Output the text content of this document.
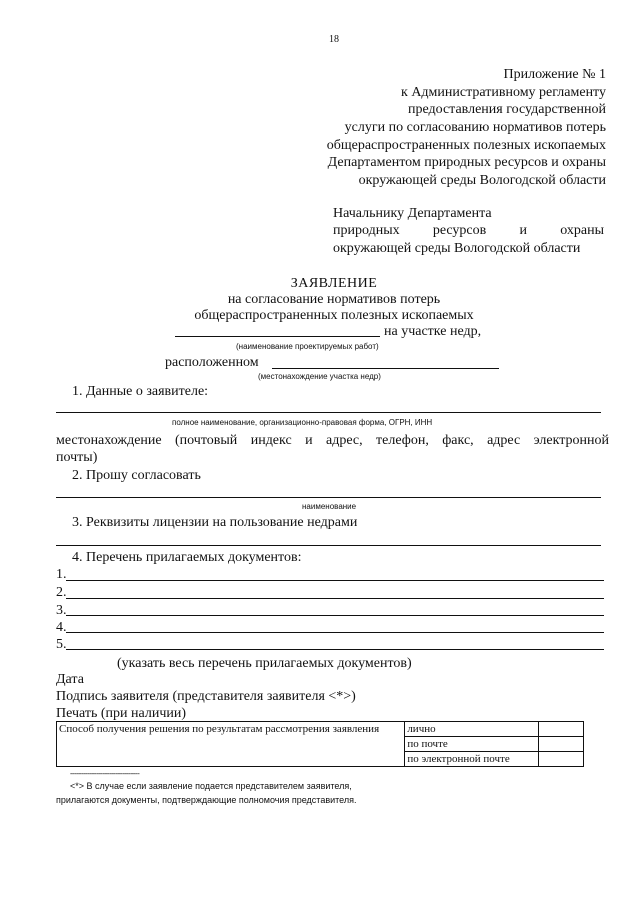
18
Приложение № 1
к Административному регламенту
предоставления государственной
услуги по согласованию нормативов потерь
общераспространенных полезных ископаемых
Департаментом природных ресурсов и охраны
окружающей среды Вологодской области
Начальнику Департамента
природных ресурсов и охраны
окружающей среды Вологодской области
ЗАЯВЛЕНИЕ
на согласование нормативов потерь
общераспространенных полезных ископаемых
на участке недр,
(наименование проектируемых работ)
расположенном
(местонахождение участка недр)
1. Данные о заявителе:
полное наименование, организационно-правовая форма, ОГРН, ИНН
местонахождение (почтовый индекс и адрес, телефон, факс, адрес электронной
почты)
2. Прошу согласовать
наименование
3. Реквизиты лицензии на пользование недрами
4. Перечень прилагаемых документов:
1.
2.
3.
4.
5.
(указать весь перечень прилагаемых документов)
Дата
Подпись заявителя (представителя заявителя <*>)
Печать (при наличии)
Способ получения решения по результатам рассмотрения заявления	лично	
	по почте	
	по электронной почте	
--------------------------------
<*> В случае если заявление подается представителем заявителя,
прилагаются документы, подтверждающие полномочия представителя.
